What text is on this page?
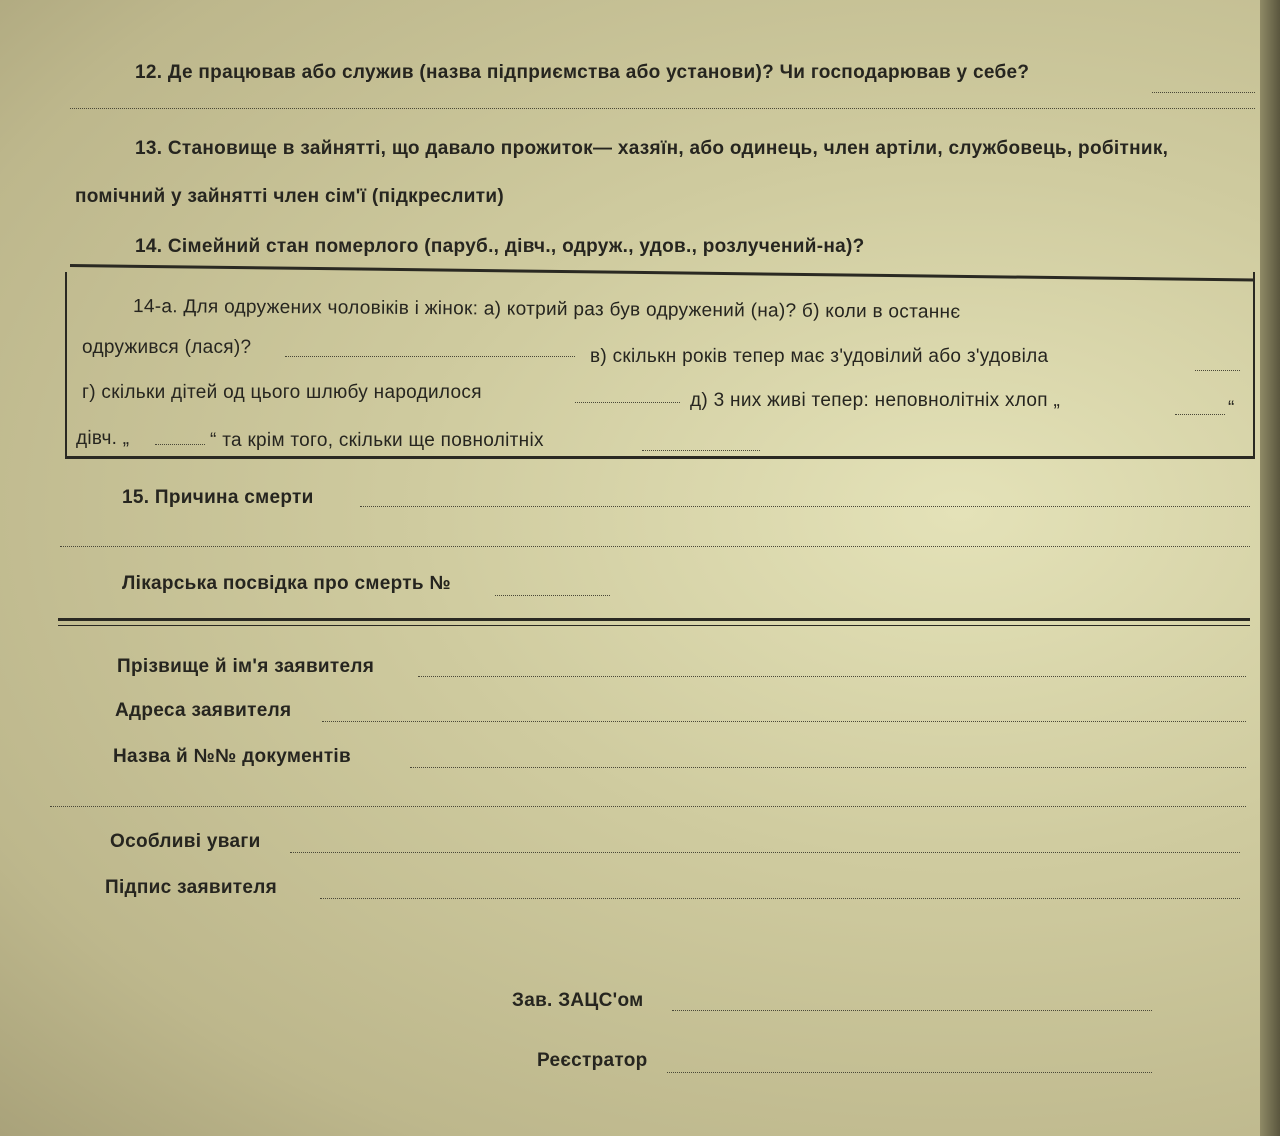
12. Де працював або служив (назва підприємства або установи)? Чи господарював у себе?
13. Становище в зайнятті, що давало прожиток— хазяїн, або одинець, член артіли, службовець, робітник,
помічний у зайнятті член сім'ї (підкреслити)
14. Сімейний стан померлого (паруб., дівч., одруж., удов., розлучений-на)?
14-а. Для одружених чоловіків і жінок: а) котрий раз був одружений (на)? б) коли в останнє
одружився (лася)?	в) скількн років тепер має з'удовілий або з'удовіла
г) скільки дітей од цього шлюбу народилося	д) 3 них живі тепер: неповнолітніх хлоп „	“
дівч. „	“ та крім того, скільки ще повнолітніх
15. Причина смерти
Лікарська посвідка про смерть №
Прізвище й ім'я заявителя
Адреса заявителя
Назва й №№ документів
Особливі уваги
Підпис заявителя
Зав. ЗАЦС'ом
Реєстратор
